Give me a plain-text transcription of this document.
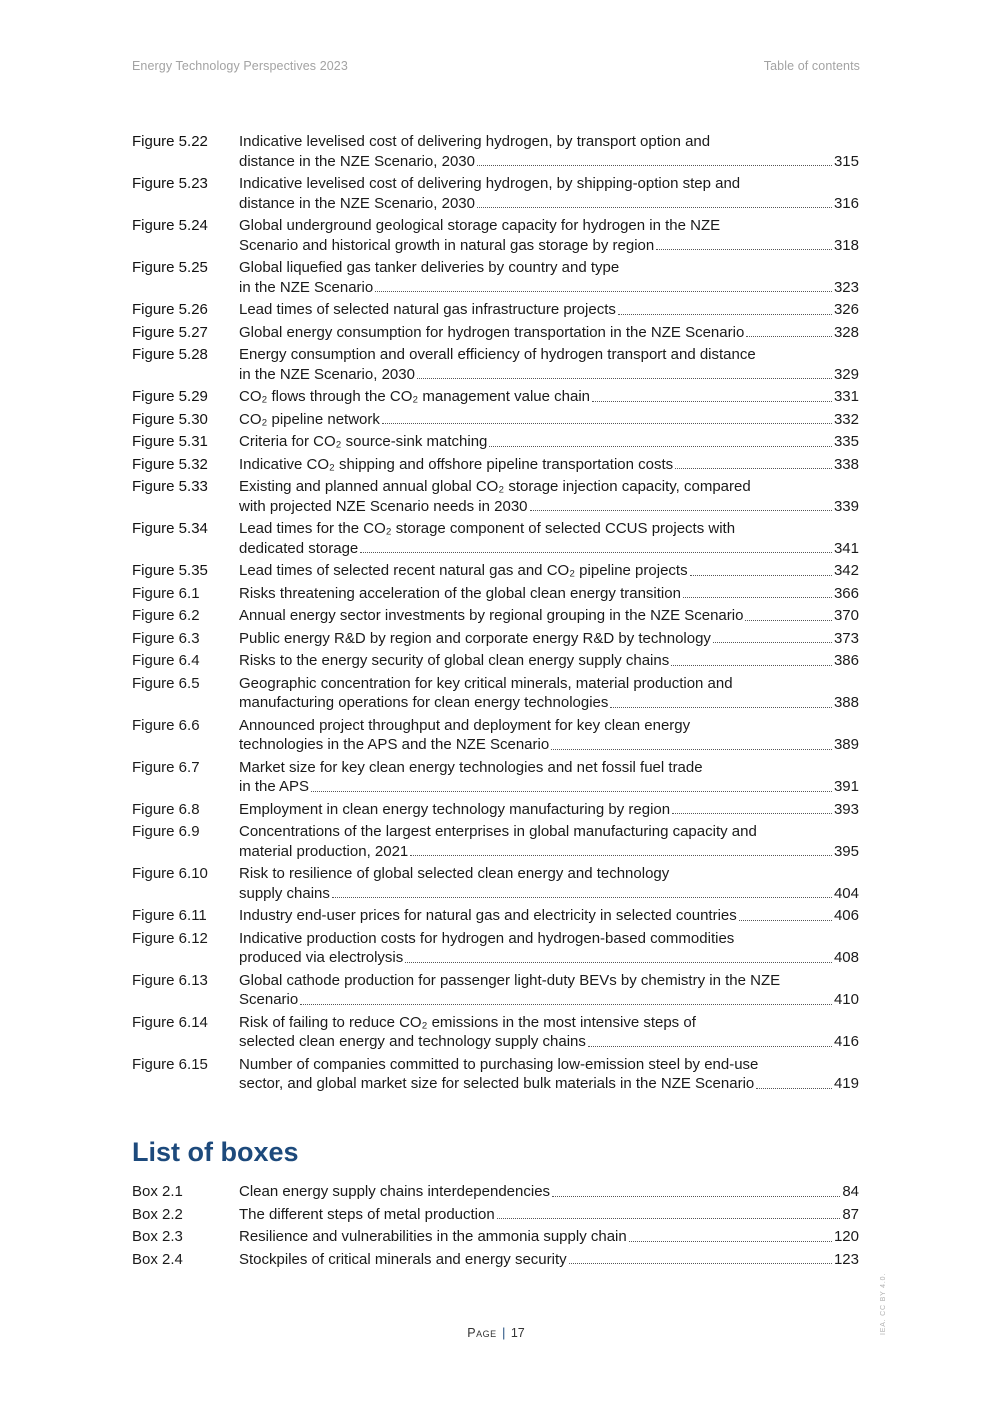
Energy Technology Perspectives 2023	Table of contents
Figure 5.22	Indicative levelised cost of delivering hydrogen, by transport option and
distance in the NZE Scenario, 2030	315
Figure 5.23	Indicative levelised cost of delivering hydrogen, by shipping-option step and
distance in the NZE Scenario, 2030	316
Figure 5.24	Global underground geological storage capacity for hydrogen in the NZE
Scenario and historical growth in natural gas storage by region	318
Figure 5.25	Global liquefied gas tanker deliveries by country and type
in the NZE Scenario	323
Figure 5.26	Lead times of selected natural gas infrastructure projects	326
Figure 5.27	Global energy consumption for hydrogen transportation in the NZE Scenario	328
Figure 5.28	Energy consumption and overall efficiency of hydrogen transport and distance
in the NZE Scenario, 2030	329
Figure 5.29	CO₂ flows through the CO₂ management value chain	331
Figure 5.30	CO₂ pipeline network	332
Figure 5.31	Criteria for CO₂ source-sink matching	335
Figure 5.32	Indicative CO₂ shipping and offshore pipeline transportation costs	338
Figure 5.33	Existing and planned annual global CO₂ storage injection capacity, compared
with projected NZE Scenario needs in 2030	339
Figure 5.34	Lead times for the CO₂ storage component of selected CCUS projects with
dedicated storage	341
Figure 5.35	Lead times of selected recent natural gas and CO₂ pipeline projects	342
Figure 6.1	Risks threatening acceleration of the global clean energy transition	366
Figure 6.2	Annual energy sector investments by regional grouping in the NZE Scenario	370
Figure 6.3	Public energy R&D by region and corporate energy R&D by technology	373
Figure 6.4	Risks to the energy security of global clean energy supply chains	386
Figure 6.5	Geographic concentration for key critical minerals, material production and
manufacturing operations for clean energy technologies	388
Figure 6.6	Announced project throughput and deployment for key clean energy
technologies in the APS and the NZE Scenario	389
Figure 6.7	Market size for key clean energy technologies and net fossil fuel trade
in the APS	391
Figure 6.8	Employment in clean energy technology manufacturing by region	393
Figure 6.9	Concentrations of the largest enterprises in global manufacturing capacity and
material production, 2021	395
Figure 6.10	Risk to resilience of global selected clean energy and technology
supply chains	404
Figure 6.11	Industry end-user prices for natural gas and electricity in selected countries	406
Figure 6.12	Indicative production costs for hydrogen and hydrogen-based commodities
produced via electrolysis	408
Figure 6.13	Global cathode production for passenger light-duty BEVs by chemistry in the NZE
Scenario	410
Figure 6.14	Risk of failing to reduce CO₂ emissions in the most intensive steps of
selected clean energy and technology supply chains	416
Figure 6.15	Number of companies committed to purchasing low-emission steel by end-use
sector, and global market size for selected bulk materials in the NZE Scenario	419
List of boxes
Box 2.1	Clean energy supply chains interdependencies	84
Box 2.2	The different steps of metal production	87
Box 2.3	Resilience and vulnerabilities in the ammonia supply chain	120
Box 2.4	Stockpiles of critical minerals and energy security	123
Page | 17	IEA. CC BY 4.0.
